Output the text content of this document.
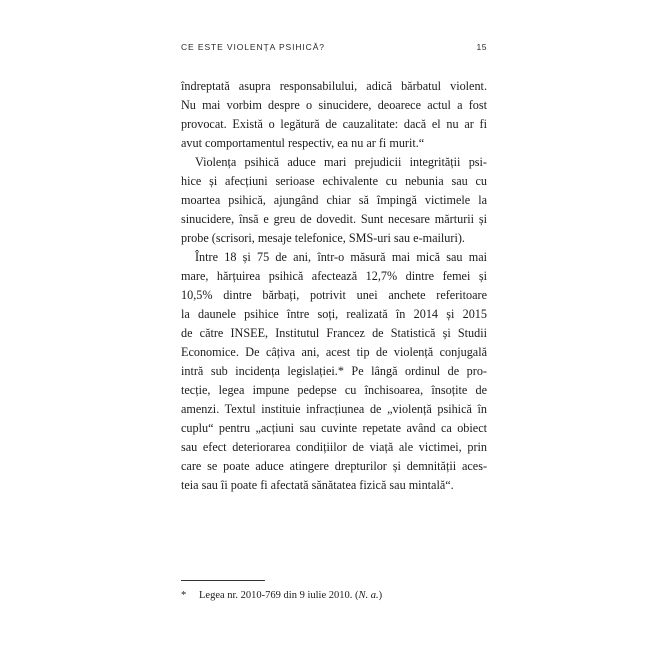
CE ESTE VIOLENȚA PSIHICĂ?	15
îndreptată asupra responsabilului, adică bărbatul violent.
Nu mai vorbim despre o sinucidere, deoarece actul a fost
provocat. Există o legătură de cauzalitate: dacă el nu ar fi
avut comportamentul respectiv, ea nu ar fi murit.“
Violența psihică aduce mari prejudicii integrității psi-
hice și afecțiuni serioase echivalente cu nebunia sau cu
moartea psihică, ajungând chiar să împingă victimele la
sinucidere, însă e greu de dovedit. Sunt necesare mărturii și
probe (scrisori, mesaje telefonice, SMS-uri sau e-mailuri).
Între 18 și 75 de ani, într-o măsură mai mică sau mai
mare, hărțuirea psihică afectează 12,7% dintre femei și
10,5% dintre bărbați, potrivit unei anchete referitoare
la daunele psihice între soți, realizată în 2014 și 2015
de către INSEE, Institutul Francez de Statistică și Studii
Economice. De câțiva ani, acest tip de violență conjugală
intră sub incidența legislației.* Pe lângă ordinul de pro-
tecție, legea impune pedepse cu închisoarea, însoțite de
amenzi. Textul instituie infracțiunea de „violență psihică în
cuplu“ pentru „acțiuni sau cuvinte repetate având ca obiect
sau efect deteriorarea condițiilor de viață ale victimei, prin
care se poate aduce atingere drepturilor și demnității aces-
teia sau îi poate fi afectată sănătatea fizică sau mintală“.
* Legea nr. 2010-769 din 9 iulie 2010. (N. a.)
